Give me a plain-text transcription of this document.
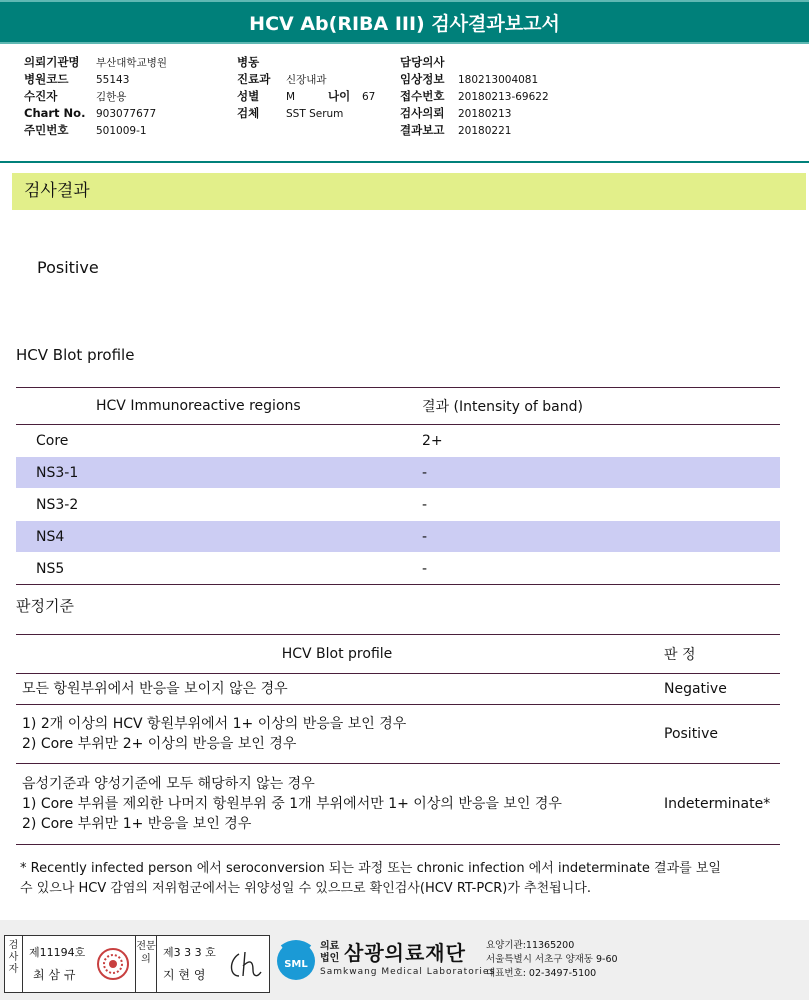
HCV Ab(RIBA III) 검사결과보고서
의뢰기관명 부산대학교병원
병원코드	55143
수진자	김한용
Chart No. 903077677
주민번호	501009-1
병동
진료과 신장내과
성별	M	나이 67
검체	SST Serum
담당의사
임상정보 180213004081
접수번호 20180213-69622
검사의뢰 20180213
결과보고 20180221
검사결과
Positive
HCV Blot profile
HCV Immunoreactive regions	결과 (Intensity of band)
Core	2+
NS3-1	-
NS3-2	-
NS4	-
NS5	-
판정기준
HCV Blot profile	판 정

모든 항원부위에서 반응을 보이지 않은 경우	Negative

1) 2개 이상의 HCV 항원부위에서 1+ 이상의 반응을 보인 경우
2) Core 부위만 2+ 이상의 반응을 보인 경우	Positive

음성기준과 양성기준에 모두 해당하지 않는 경우
1) Core 부위를 제외한 나머지 항원부위 중 1개 부위에서만 1+ 이상의 반응을 보인 경우
2) Core 부위만 1+ 반응을 보인 경우	Indeterminate*
* Recently infected person 에서 seroconversion 되는 과정 또는 chronic infection 에서 indeterminate 결과를 보일
수 있으나 HCV 감염의 저위험군에서는 위양성일 수 있으므로 확인검사(HCV RT-PCR)가 추천됩니다.
검사자
제11194호
최 삼 규
전문의
제3 3 3 호
지 현 영
SML
의료
법인 삼광의료재단
Samkwang Medical Laboratories
요양기관:11365200
서울특별시 서초구 양재동 9-60
대표번호: 02-3497-5100
